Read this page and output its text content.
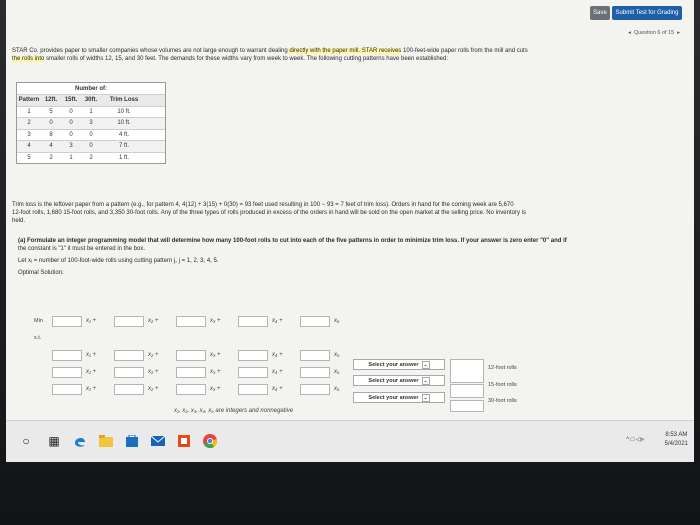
Save	Submit Test for Grading
◂ Question 6 of 15 ▸
STAR Co. provides paper to smaller companies whose volumes are not large enough to warrant dealing directly with the paper mill. STAR receives 100-feet-wide paper rolls from the mill and cuts
the rolls into smaller rolls of widths 12, 15, and 30 feet. The demands for these widths vary from week to week. The following cutting patterns have been established:
Number of:
Pattern 12ft.	15ft.	30ft.	Trim Loss
1	5	0	1	10 ft.
2	0	0	3	10 ft.
3	8	0	0	4 ft.
4	4	3	0	7 ft.
5	2	1	2	1 ft.
Trim loss is the leftover paper from a pattern (e.g., for pattern 4, 4(12) + 3(15) + 0(30) = 93 feet used resulting in 100 − 93 = 7 feet of trim loss). Orders in hand for the coming week are 5,670
12-foot rolls, 1,680 15-foot rolls, and 3,350 30-foot rolls. Any of the three types of rolls produced in excess of the orders in hand will be sold on the open market at the selling price. No inventory is
held.
(a) Formulate an integer programming model that will determine how many 100-foot rolls to cut into each of the five patterns in order to minimize trim loss. If your answer is zero enter "0" and if
the constant is "1" it must be entered in the box.
Let xⱼ = number of 100-foot-wide rolls using cutting pattern j, j = 1, 2, 3, 4, 5.
Optimal Solution:
Min	x₁ +	x₂ +	x₃ +	x₄ +	x₅
s.t.
x₁ +	x₂ +	x₃ +	x₄ +	x₅
Select your answer ⌄
12-foot rolls
x₁ +	x₂ +	x₃ +	x₄ +	x₅
Select your answer ⌄
15-foot rolls
x₁ +	x₂ +	x₃ +	x₄ +	x₅
Select your answer ⌄
30-foot rolls
x₁, x₂, x₃, x₄, x₅ are integers and nonnegative
○	▦	^ □ ◁»
8:53 AM
5/4/2021
